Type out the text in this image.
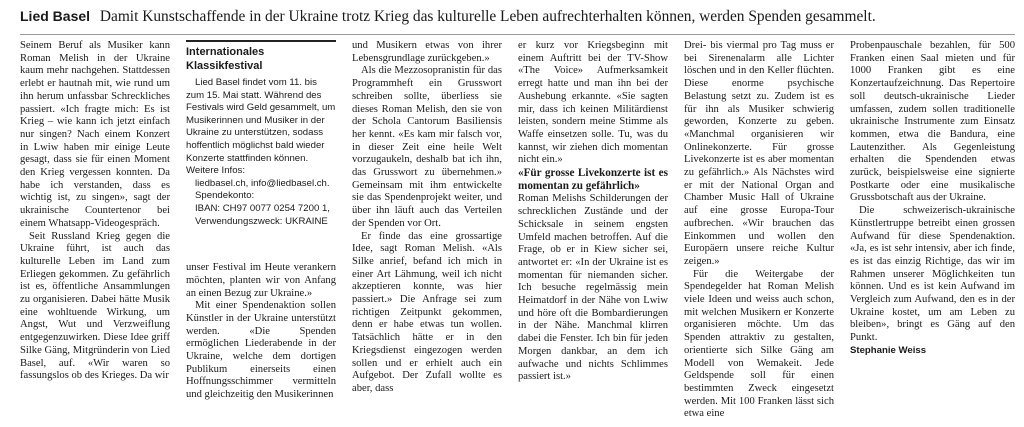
Lied Basel Damit Kunstschaffende in der Ukraine trotz Krieg das kulturelle Leben aufrechterhalten können, werden Spenden gesammelt.

Seinem Beruf als Musiker kann Roman Melish in der Ukraine kaum mehr nachgehen. Stattdessen erlebt er hautnah mit, wie rund um ihn herum unfassbar Schreckliches passiert. «Ich fragte mich: Es ist Krieg – wie kann ich jetzt einfach nur singen? Nach einem Konzert in Lwiw haben mir einige Leute gesagt, dass sie für einen Moment den Krieg vergessen konnten. Da habe ich verstanden, dass es wichtig ist, zu singen», sagt der ukrainische Countertenor bei einem Whatsapp-Videogespräch.

Seit Russland Krieg gegen die Ukraine führt, ist auch das kulturelle Leben im Land zum Erliegen gekommen. Zu gefährlich ist es, öffentliche Ansammlungen zu organisieren. Dabei hätte Musik eine wohltuende Wirkung, um Angst, Wut und Verzweiflung entgegenzuwirken. Diese Idee griff Silke Gäng, Mitgründerin von Lied Basel, auf. «Wir waren so fassungslos ob des Krieges. Da wir

Internationales Klassikfestival

Lied Basel findet vom 11. bis zum 15. Mai statt. Während des Festivals wird Geld gesammelt, um Musikerinnen und Musiker in der Ukraine zu unterstützen, sodass hoffentlich möglichst bald wieder Konzerte stattfinden können. Weitere Infos:

liedbasel.ch, info@liedbasel.ch.

Spendekonto:

IBAN: CH97 0077 0254 7200 1,

Verwendungszweck: UKRAINE

unser Festival im Heute verankern möchten, planten wir von Anfang an einen Bezug zur Ukraine.»

Mit einer Spendenaktion sollen Künstler in der Ukraine unterstützt werden. «Die Spenden ermöglichen Liederabende in der Ukraine, welche dem dortigen Publikum einerseits einen Hoffnungsschimmer vermitteln und gleichzeitig den Musikerinnen

und Musikern etwas von ihrer Lebensgrundlage zurückgeben.»

Als die Mezzosopranistin für das Programmheft ein Grusswort schreiben sollte, überliess sie dieses Roman Melish, den sie von der Schola Cantorum Basiliensis her kennt. «Es kam mir falsch vor, in dieser Zeit eine heile Welt vorzugaukeln, deshalb bat ich ihn, das Grusswort zu übernehmen.» Gemeinsam mit ihm entwickelte sie das Spendenprojekt weiter, und über ihn läuft auch das Verteilen der Spenden vor Ort.

Er finde das eine grossartige Idee, sagt Roman Melish. «Als Silke anrief, befand ich mich in einer Art Lähmung, weil ich nicht akzeptieren konnte, was hier passiert.» Die Anfrage sei zum richtigen Zeitpunkt gekommen, denn er habe etwas tun wollen. Tatsächlich hätte er in den Kriegsdienst eingezogen werden sollen und er erhielt auch ein Aufgebot. Der Zufall wollte es aber, dass

er kurz vor Kriegsbeginn mit einem Auftritt bei der TV-Show «The Voice» Aufmerksamkeit erregt hatte und man ihn bei der Aushebung erkannte. «Sie sagten mir, dass ich keinen Militärdienst leisten, sondern meine Stimme als Waffe einsetzen solle. Tu, was du kannst, wir ziehen dich momentan nicht ein.»

«Für grosse Livekonzerte ist es momentan zu gefährlich»

Roman Melishs Schilderungen der schrecklichen Zustände und der Schicksale in seinem engsten Umfeld machen betroffen. Auf die Frage, ob er in Kiew sicher sei, antwortet er: «In der Ukraine ist es momentan für niemanden sicher. Ich besuche regelmässig mein Heimatdorf in der Nähe von Lwiw und höre oft die Bombardierungen in der Nähe. Manchmal klirren dabei die Fenster. Ich bin für jeden Morgen dankbar, an dem ich aufwache und nichts Schlimmes passiert ist.»

Drei- bis viermal pro Tag muss er bei Sirenenalarm alle Lichter löschen und in den Keller flüchten. Diese enorme psychische Belastung setzt zu. Zudem ist es für ihn als Musiker schwierig geworden, Konzerte zu geben. «Manchmal organisieren wir Onlinekonzerte. Für grosse Livekonzerte ist es aber momentan zu gefährlich.» Als Nächstes wird er mit der National Organ and Chamber Music Hall of Ukraine auf eine grosse Europa-Tour aufbrechen. «Wir brauchen das Einkommen und wollen den Europäern unsere reiche Kultur zeigen.»

Für die Weitergabe der Spendegelder hat Roman Melish viele Ideen und weiss auch schon, mit welchen Musikern er Konzerte organisieren möchte. Um das Spenden attraktiv zu gestalten, orientierte sich Silke Gäng am Modell von Wemakeit. Jede Geldspende soll für einen bestimmten Zweck eingesetzt werden. Mit 100 Franken lässt sich etwa eine

Probenpauschale bezahlen, für 500 Franken einen Saal mieten und für 1000 Franken gibt es eine Konzertaufzeichnung. Das Repertoire soll deutsch-ukrainische Lieder umfassen, zudem sollen traditionelle ukrainische Instrumente zum Einsatz kommen, etwa die Bandura, eine Lautenzither. Als Gegenleistung erhalten die Spendenden etwas zurück, beispielsweise eine signierte Postkarte oder eine musikalische Grussbotschaft aus der Ukraine.

Die schweizerisch-ukrainische Künstlertruppe betreibt einen grossen Aufwand für diese Spendenaktion. «Ja, es ist sehr intensiv, aber ich finde, es ist das einzig Richtige, das wir im Rahmen unserer Möglichkeiten tun können. Und es ist kein Aufwand im Vergleich zum Aufwand, den es in der Ukraine kostet, um am Leben zu bleiben», bringt es Gäng auf den Punkt.

Stephanie Weiss
